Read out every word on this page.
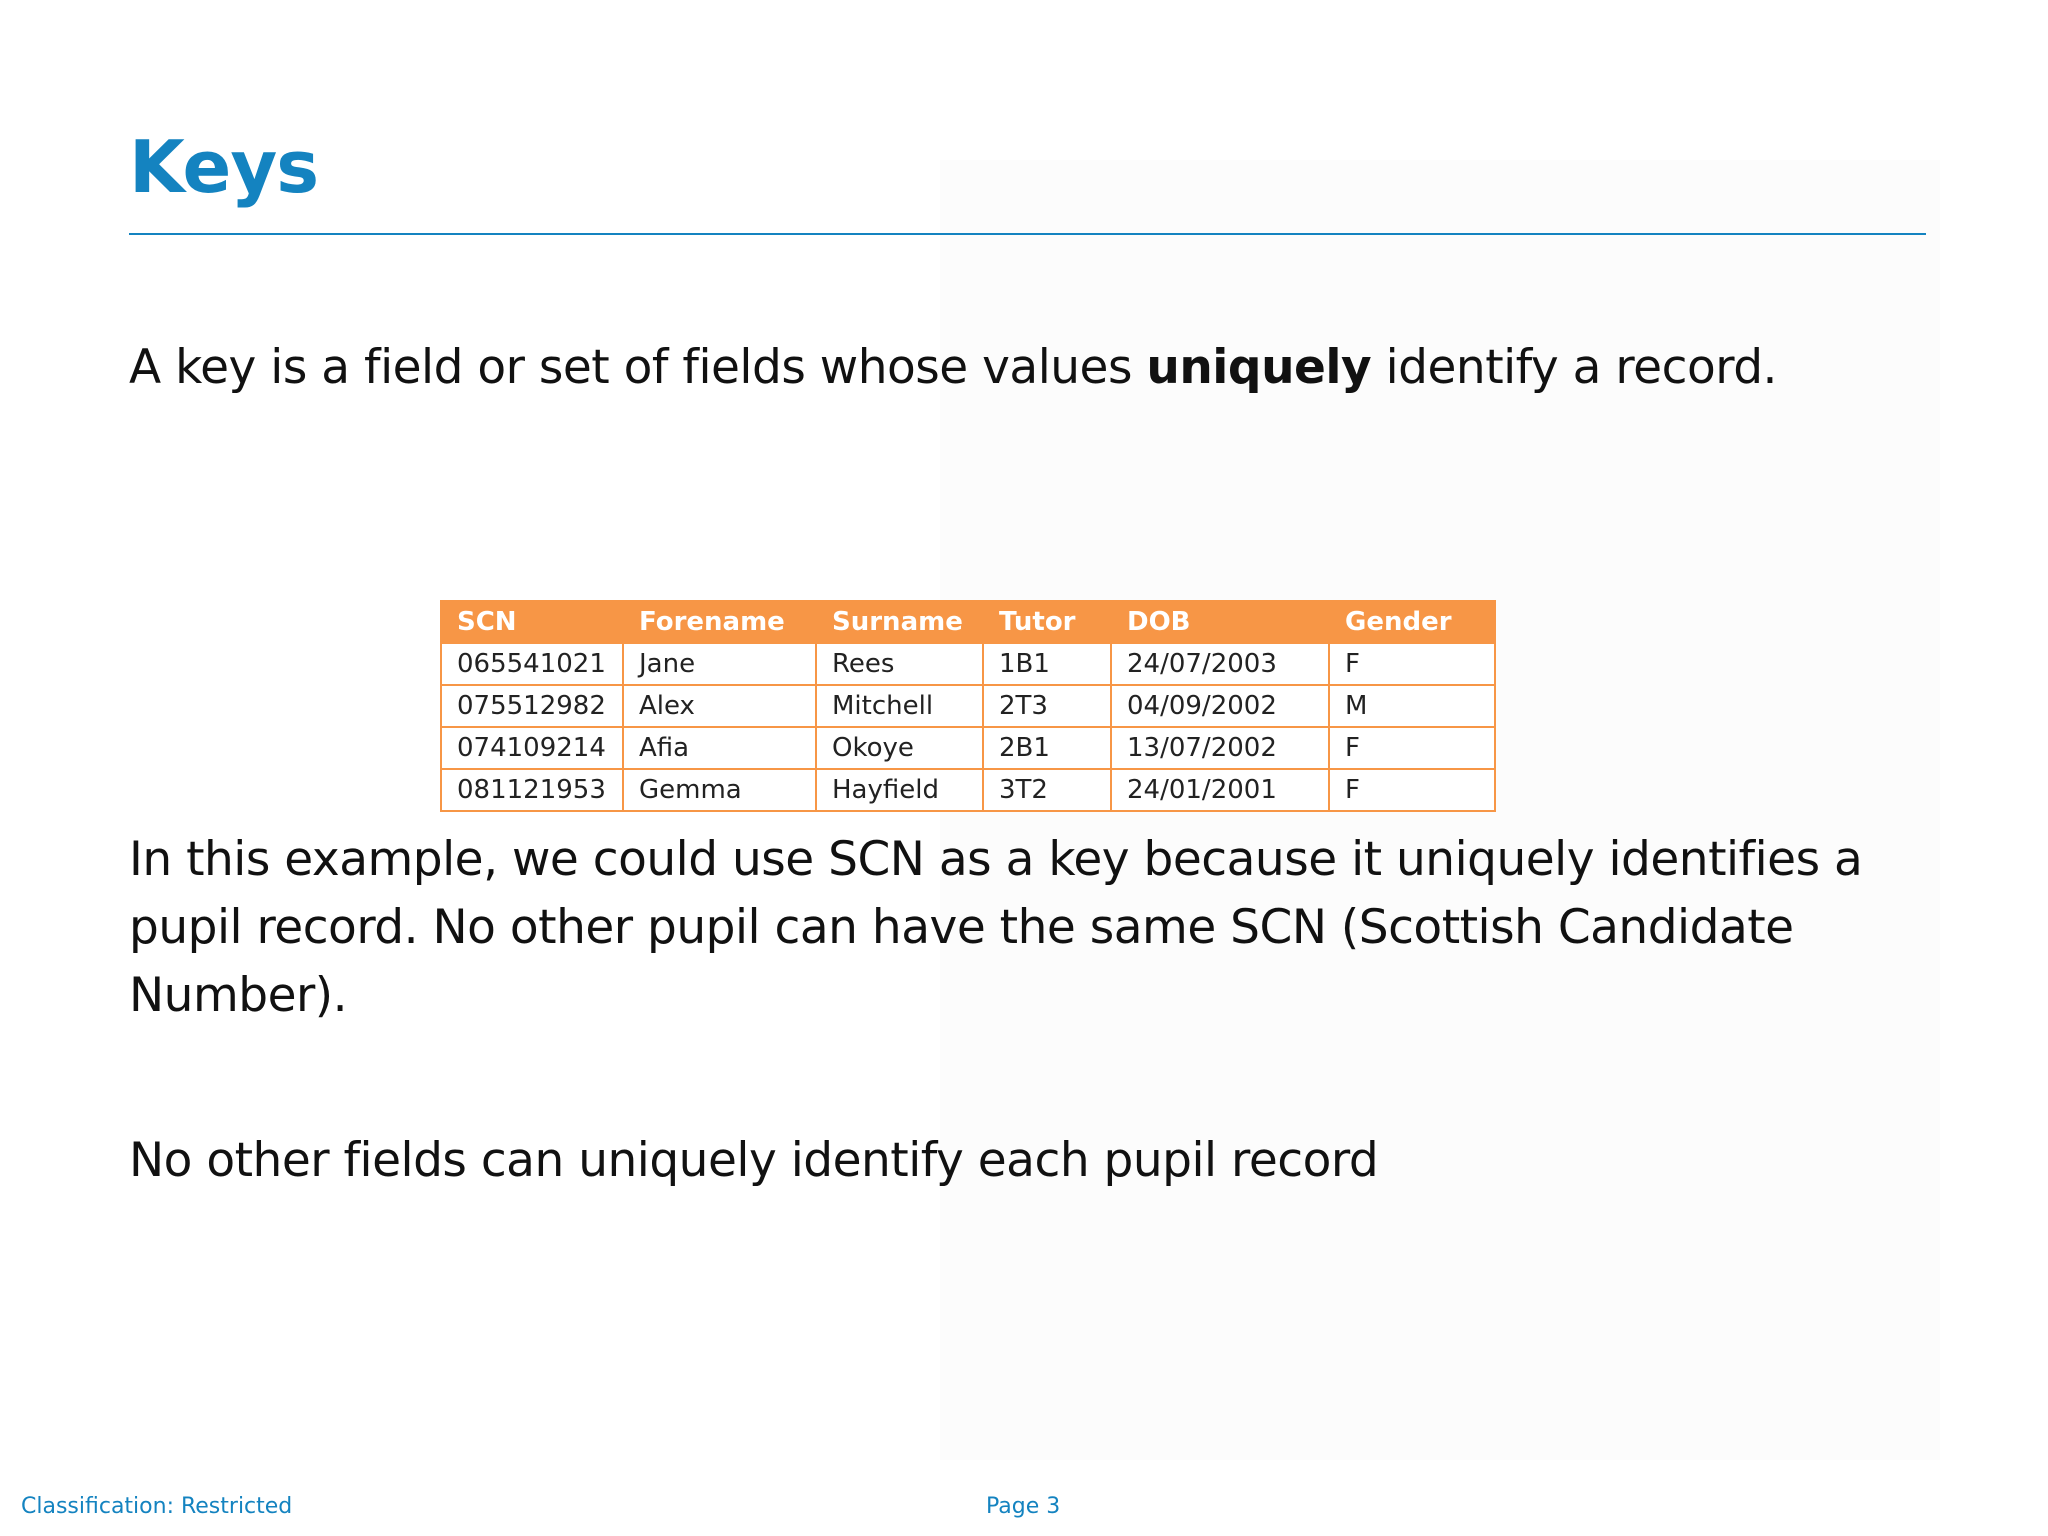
Keys
A key is a field or set of fields whose values uniquely identify a record.
SCN	Forename	Surname	Tutor	DOB	Gender
065541021	Jane	Rees	1B1	24/07/2003	F
075512982	Alex	Mitchell	2T3	04/09/2002	M
074109214	Afia	Okoye	2B1	13/07/2002	F
081121953	Gemma	Hayfield	3T2	24/01/2001	F
In this example, we could use SCN as a key because it uniquely identifies a pupil record. No other pupil can have the same SCN (Scottish Candidate Number).
No other fields can uniquely identify each pupil record
Classification: Restricted	Page 3
